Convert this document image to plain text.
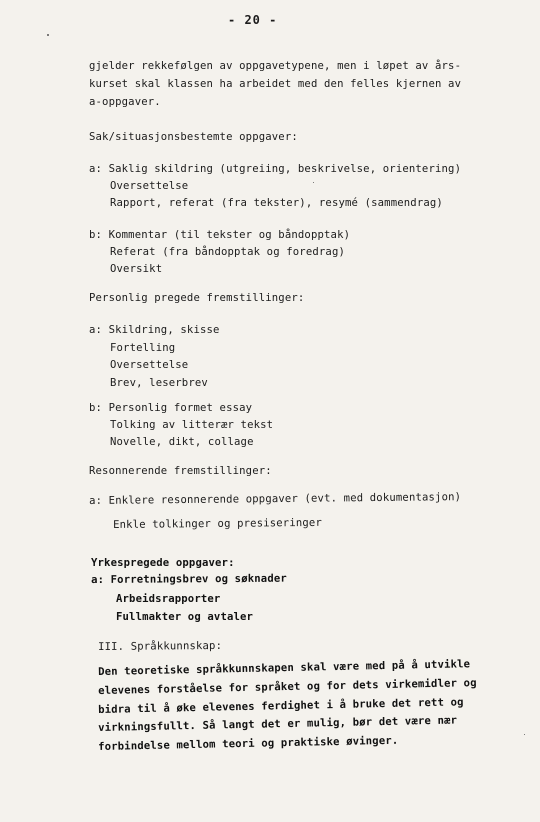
- 20 -
gjelder rekkefølgen av oppgavetypene, men i løpet av års-
kurset skal klassen ha arbeidet med den felles kjernen av
a-oppgaver.
Sak/situasjonsbestemte oppgaver:
a: Saklig skildring (utgreiing, beskrivelse, orientering)
Oversettelse
Rapport, referat (fra tekster), resymé (sammendrag)
b: Kommentar (til tekster og båndopptak)
Referat (fra båndopptak og foredrag)
Oversikt
Personlig pregede fremstillinger:
a: Skildring, skisse
Fortelling
Oversettelse
Brev, leserbrev
b: Personlig formet essay
Tolking av litterær tekst
Novelle, dikt, collage
Resonnerende fremstillinger:
a: Enklere resonnerende oppgaver (evt. med dokumentasjon)
Enkle tolkinger og presiseringer
Yrkespregede oppgaver:
a: Forretningsbrev og søknader
Arbeidsrapporter
Fullmakter og avtaler
III. Språkkunnskap:
Den teoretiske språkkunnskapen skal være med på å utvikle
elevenes forståelse for språket og for dets virkemidler og
bidra til å øke elevenes ferdighet i å bruke det rett og
virkningsfullt. Så langt det er mulig, bør det være nær
forbindelse mellom teori og praktiske øvinger.
